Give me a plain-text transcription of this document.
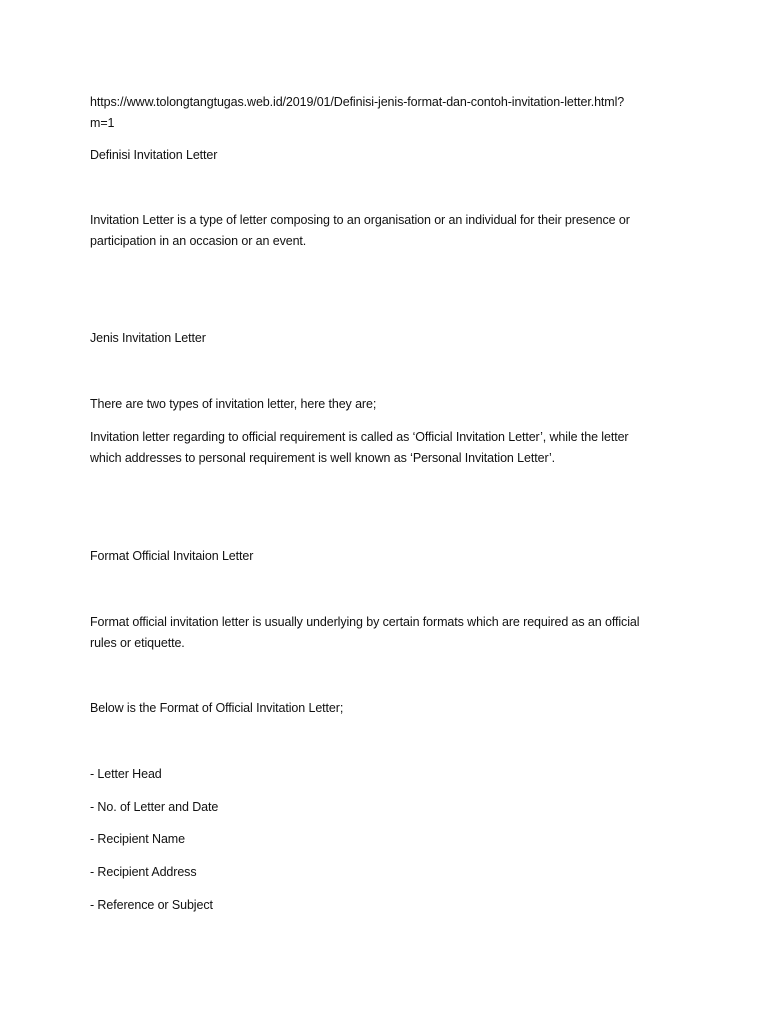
https://www.tolongtangtugas.web.id/2019/01/Definisi-jenis-format-dan-contoh-invitation-letter.html?
m=1

Definisi Invitation Letter

Invitation Letter is a type of letter composing to an organisation or an individual for their presence or
participation in an occasion or an event.

Jenis Invitation Letter

There are two types of invitation letter, here they are;

Invitation letter regarding to official requirement is called as ‘Official Invitation Letter’, while the letter
which addresses to personal requirement is well known as ‘Personal Invitation Letter’.

Format Official Invitaion Letter

Format official invitation letter is usually underlying by certain formats which are required as an official
rules or etiquette.

Below is the Format of Official Invitation Letter;

- Letter Head

- No. of Letter and Date

- Recipient Name

- Recipient Address

- Reference or Subject
